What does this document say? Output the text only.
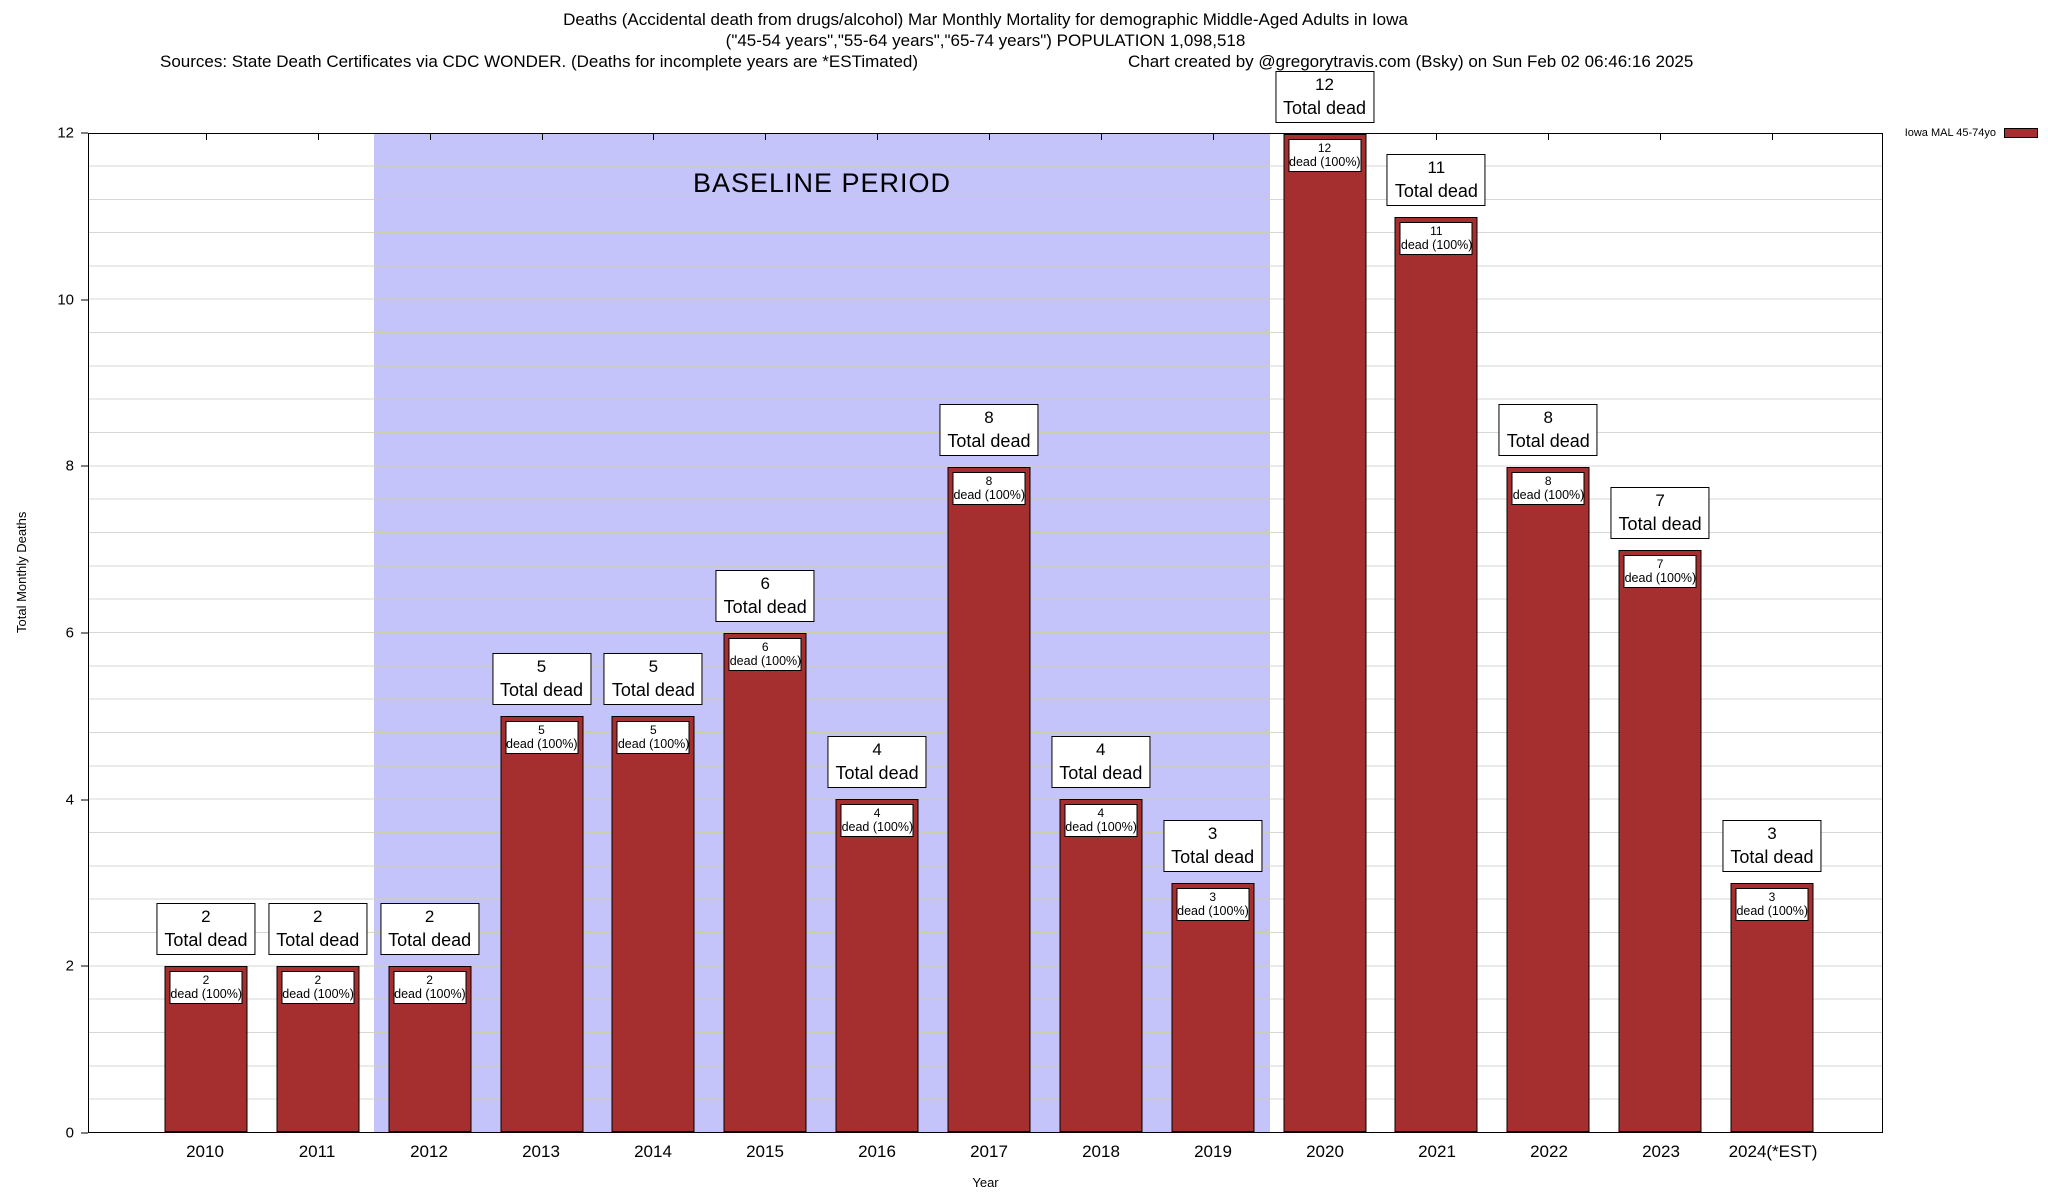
Deaths (Accidental death from drugs/alcohol) Mar Monthly Mortality for demographic Middle-Aged Adults in Iowa
("45-54 years","55-64 years","65-74 years") POPULATION 1,098,518
Sources: State Death Certificates via CDC WONDER. (Deaths for incomplete years are *ESTimated)	Chart created by @gregorytravis.com (Bsky) on Sun Feb 02 06:46:16 2025
Iowa MAL 45-74yo
Total Monthly Deaths
BASELINE PERIOD
2
Total dead
2
dead (100%)
2
Total dead
2
dead (100%)
2
Total dead
2
dead (100%)
5
Total dead
5
dead (100%)
5
Total dead
5
dead (100%)
6
Total dead
6
dead (100%)
4
Total dead
4
dead (100%)
8
Total dead
8
dead (100%)
4
Total dead
4
dead (100%)	3
Total dead
3
dead (100%)
12
Total dead
12
dead (100%)	11
Total dead
11
dead (100%)
8
Total dead
8
dead (100%)	7
Total dead
7
dead (100%)
3
Total dead
3
dead (100%)
0
2
4
6
8
10
12
2010	2011	2012	2013	2014	2015	2016	2017	2018	2019	2020	2021	2022	2023	2024(*EST)
Year
